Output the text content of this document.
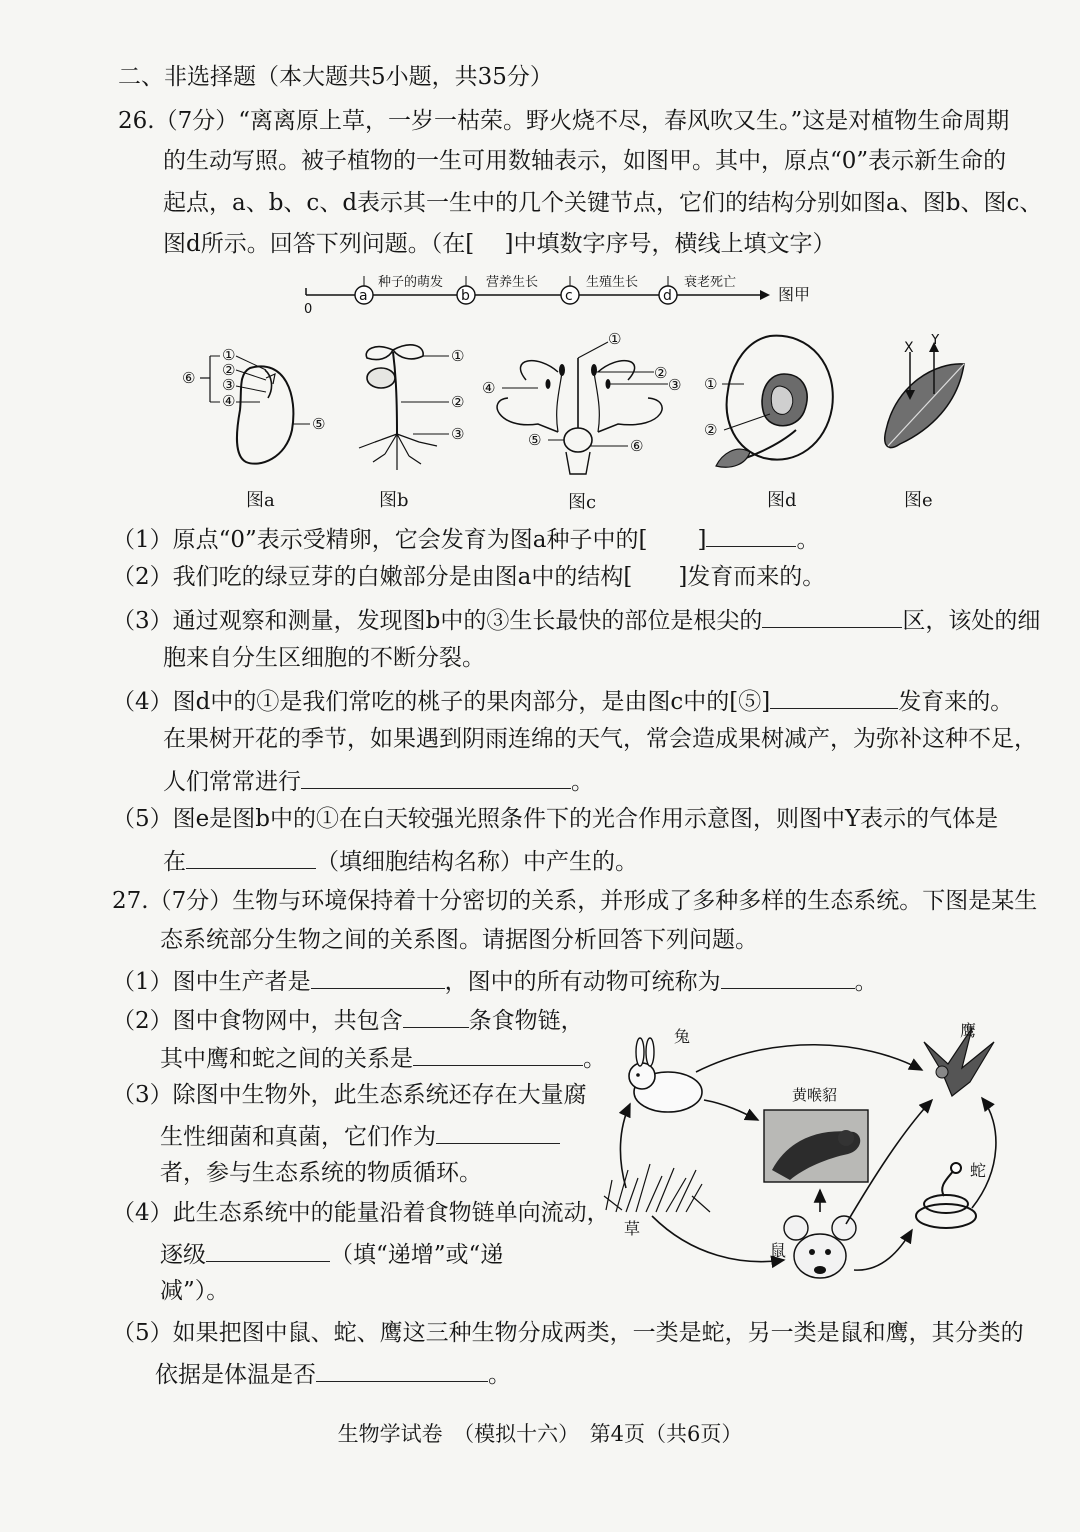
二、非选择题（本大题共5小题，共35分）
26.（7分）“离离原上草，一岁一枯荣。野火烧不尽，春风吹又生。”这是对植物生命周期
的生动写照。被子植物的一生可用数轴表示，如图甲。其中，原点“0”表示新生命的
起点，a、b、c、d表示其一生中的几个关键节点，它们的结构分别如图a、图b、图c、
图d所示。回答下列问题。（在[　 ]中填数字序号，横线上填文字）
0
a	b	c	d
种子的萌发	营养生长	生殖生长	衰老死亡
图甲
①
②
③
④
⑤
⑥
①
②
③
①
②
③
④
⑤	⑥
①
②
X Y
图a	图b	图c	图d	图e
（1）原点“0”表示受精卵，它会发育为图a种子中的[ ]	。
（2）我们吃的绿豆芽的白嫩部分是由图a中的结构[ ]发育而来的。
（3）通过观察和测量，发现图b中的③生长最快的部位是根尖的	区，该处的细
胞来自分生区细胞的不断分裂。
（4）图d中的①是我们常吃的桃子的果肉部分，是由图c中的[⑤]	发育来的。
在果树开花的季节，如果遇到阴雨连绵的天气，常会造成果树减产，为弥补这种不足，
人们常常进行	。
（5）图e是图b中的①在白天较强光照条件下的光合作用示意图，则图中Y表示的气体是
在	（填细胞结构名称）中产生的。
27.（7分）生物与环境保持着十分密切的关系，并形成了多种多样的生态系统。下图是某生
态系统部分生物之间的关系图。请据图分析回答下列问题。
（1）图中生产者是	，图中的所有动物可统称为	。
（2）图中食物网中，共包含	条食物链，
其中鹰和蛇之间的关系是	。
（3）除图中生物外，此生态系统还存在大量腐
生性细菌和真菌，它们作为
者，参与生态系统的物质循环。
（4）此生态系统中的能量沿着食物链单向流动，
逐级	（填“递增”或“递
减”）。
（5）如果把图中鼠、蛇、鹰这三种生物分成两类，一类是蛇，另一类是鼠和鹰，其分类的
依据是体温是否	。
兔	鹰
黄喉貂
草
鼠
蛇
生物学试卷　（模拟十六）　第4页（共6页）
